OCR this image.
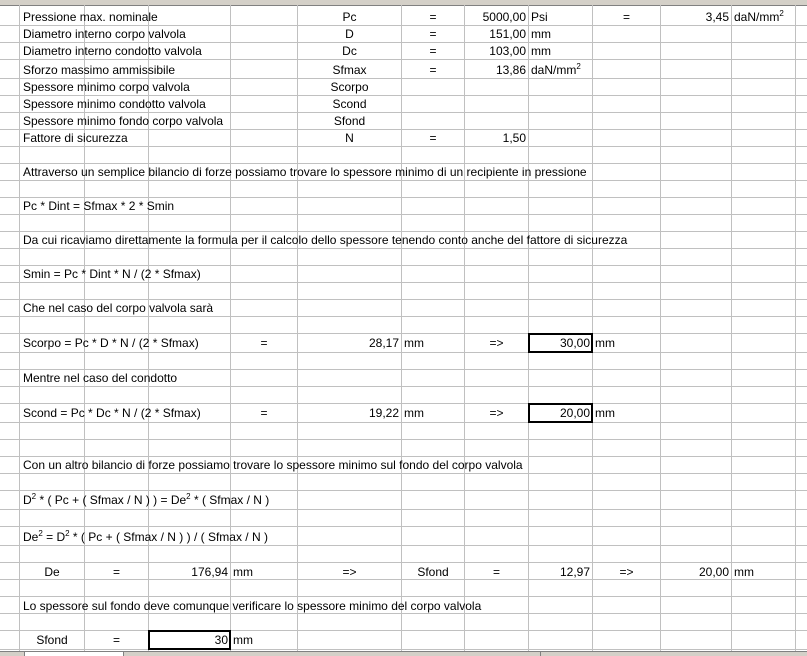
Pressione max. nominale	Pc	=	5000,00 Psi	=	3,45 daN/$mm^2$
Diametro interno corpo valvola	D	=	151,00 mm
Diametro interno condotto valvola	Dc	=	103,00 mm
Sforzo massimo ammissibile	Sfmax	=	13,86 daN/$mm^2$
Spessore minimo corpo valvola	Scorpo
Spessore minimo condotto valvola	Scond
Spessore minimo fondo corpo valvola	Sfond
Fattore di sicurezza	N	=	1,50
Attraverso un semplice bilancio di forze possiamo trovare lo spessore minimo di un recipiente in pressione
Pc * Dint = Sfmax * 2 * Smin
Da cui ricaviamo direttamente la formula per il calcolo dello spessore tenendo conto anche del fattore di sicurezza
Smin = Pc * Dint * N / (2 * Sfmax)
Che nel caso del corpo valvola sarà
Scorpo = Pc * D * N / (2 * Sfmax)	=	28,17 mm	=>	30,00 mm
Mentre nel caso del condotto
Scond = Pc * Dc * N / (2 * Sfmax)	=	19,22 mm	=>	20,00 mm
Con un altro bilancio di forze possiamo trovare lo spessore minimo sul fondo del corpo valvola
$D^2$ * ( Pc + ( Sfmax / N ) ) = $De^2$ * ( Sfmax / N )
$De^2 = D^2$ * ( Pc + ( Sfmax / N ) ) / ( Sfmax / N )
De	=	176,94 mm	=>	Sfond	=	12,97	=>	20,00 mm
Lo spessore sul fondo deve comunque verificare lo spessore minimo del corpo valvola
Sfond	=	30 mm
